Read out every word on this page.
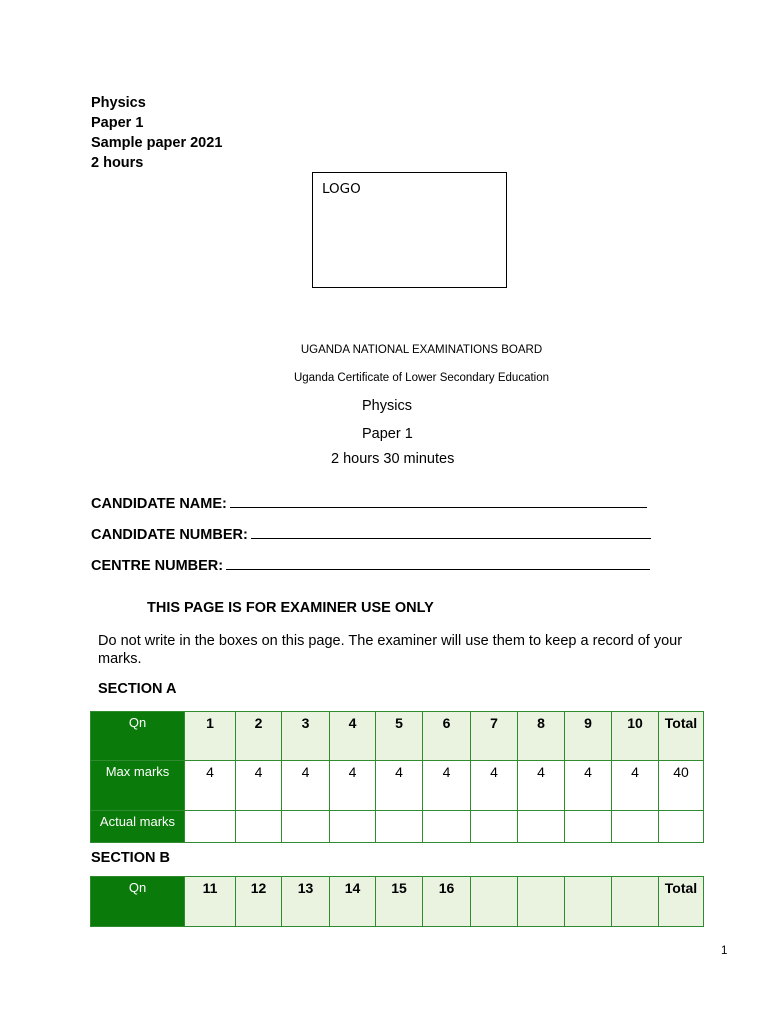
Physics
Paper 1
Sample paper 2021
2 hours
LOGO
UGANDA NATIONAL EXAMINATIONS BOARD
Uganda Certificate of Lower Secondary Education
Physics
Paper 1
2 hours 30 minutes
CANDIDATE NAME:
CANDIDATE NUMBER:
CENTRE NUMBER:
THIS PAGE IS FOR EXAMINER USE ONLY
Do not write in the boxes on this page. The examiner will use them to keep a record of your marks.
SECTION A
Qn	1	2	3	4	5	6	7	8	9	10	Total
Max marks	4	4	4	4	4	4	4	4	4	4	40
Actual marks											
SECTION B
Qn	11	12	13	14	15	16					Total
1
